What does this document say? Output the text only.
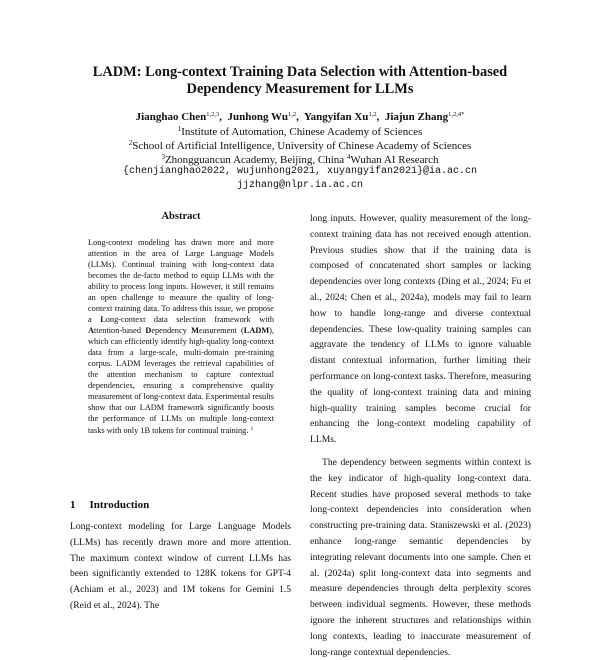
LADM: Long-context Training Data Selection with Attention-based
Dependency Measurement for LLMs
Jianghao Chen$^{1,2,3}$,  Junhong Wu$^{1,2}$,  Yangyifan Xu$^{1,2}$,  Jiajun Zhang$^{1,2,4*}$
$^1$Institute of Automation, Chinese Academy of Sciences
$^2$School of Artificial Intelligence, University of Chinese Academy of Sciences
$^3$Zhongguancun Academy, Beijing, China $^4$Wuhan AI Research
{chenjianghao2022, wujunhong2021, xuyangyifan2021}@ia.ac.cn
jjzhang@nlpr.ia.ac.cn
Abstract
Long-context modeling has drawn more and more attention in the area of Large Language Models (LLMs). Continual training with long-context data becomes the de-facto method to equip LLMs with the ability to process long inputs. However, it still remains an open challenge to measure the quality of long-context training data. To address this issue, we propose a Long-context data selection framework with Attention-based Dependency Measurement (LADM), which can efficiently identify high-quality long-context data from a large-scale, multi-domain pre-training corpus. LADM leverages the retrieval capabilities of the attention mechanism to capture contextual dependencies, ensuring a comprehensive quality measurement of long-context data. Experimental results show that our LADM framework significantly boosts the performance of LLMs on multiple long-context tasks with only 1B tokens for continual training. $^1$
1 Introduction
Long-context modeling for Large Language Models (LLMs) has recently drawn more and more attention. The maximum context window of current LLMs has been significantly extended to 128K tokens for GPT-4 (Achiam et al., 2023) and 1M tokens for Gemini 1.5 (Reid et al., 2024). The

long inputs. However, quality measurement of the long-context training data has not received enough attention. Previous studies show that if the training data is composed of concatenated short samples or lacking dependencies over long contexts (Ding et al., 2024; Fu et al., 2024; Chen et al., 2024a), models may fail to learn how to handle long-range and diverse contextual dependencies. These low-quality training samples can aggravate the tendency of LLMs to ignore valuable distant contextual information, further limiting their performance on long-context tasks. Therefore, measuring the quality of long-context training data and mining high-quality training samples become crucial for enhancing the long-context modeling capability of LLMs.

The dependency between segments within context is the key indicator of high-quality long-context data. Recent studies have proposed several methods to take long-context dependencies into consideration when constructing pre-training data. Staniszewski et al. (2023) enhance long-range semantic dependencies by integrating relevant documents into one sample. Chen et al. (2024a) split long-context data into segments and measure dependencies through delta perplexity scores between individual segments. However, these methods ignore the inherent structures and relationships within long contexts, leading to inaccurate measurement of long-range contextual dependencies.
